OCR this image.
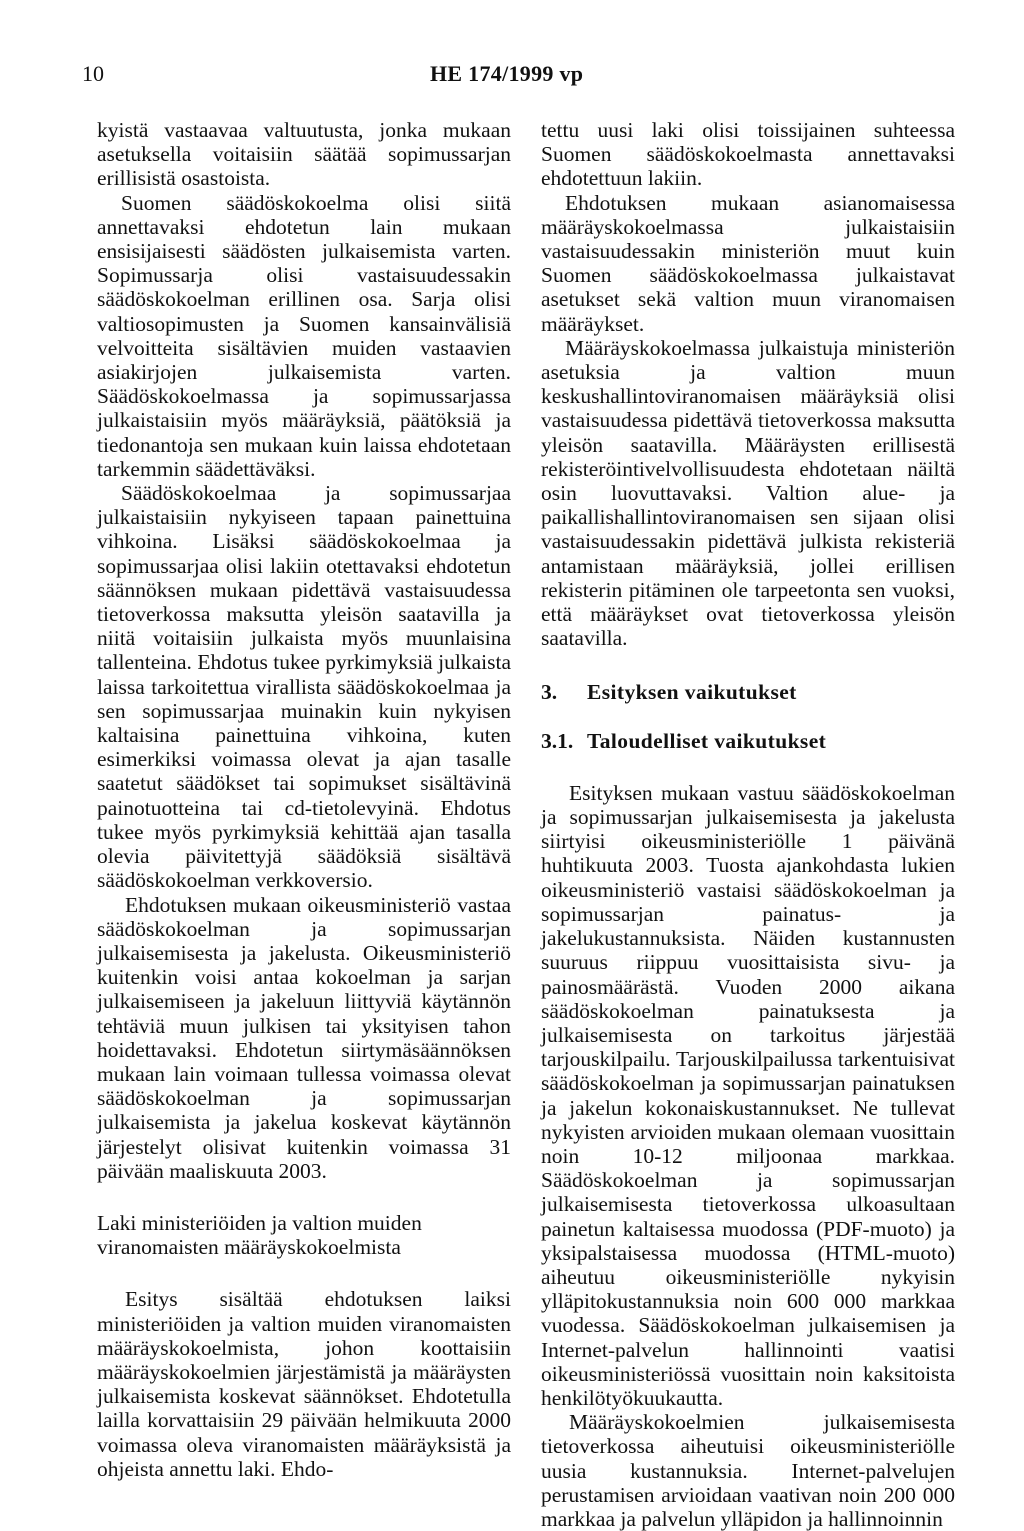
10	HE 174/1999 vp

kyistä vastaavaa valtuutusta, jonka mukaan asetuksella voitaisiin säätää sopimussarjan erillisistä osastoista.

Suomen säädöskokoelma olisi siitä annettavaksi ehdotetun lain mukaan ensisijaisesti säädösten julkaisemista varten. Sopimussarja olisi vastaisuudessakin säädöskokoelman erillinen osa. Sarja olisi valtiosopimusten ja Suomen kansainvälisiä velvoitteita sisältävien muiden vastaavien asiakirjojen julkaisemista varten. Säädöskokoelmassa ja sopimussarjassa julkaistaisiin myös määräyksiä, päätöksiä ja tiedonantoja sen mukaan kuin laissa ehdotetaan tarkemmin säädettäväksi.

Säädöskokoelmaa ja sopimussarjaa julkaistaisiin nykyiseen tapaan painettuina vihkoina. Lisäksi säädöskokoelmaa ja sopimussarjaa olisi lakiin otettavaksi ehdotetun säännöksen mukaan pidettävä vastaisuudessa tietoverkossa maksutta yleisön saatavilla ja niitä voitaisiin julkaista myös muunlaisina tallenteina. Ehdotus tukee pyrkimyksiä julkaista laissa tarkoitettua virallista säädöskokoelmaa ja sen sopimussarjaa muinakin kuin nykyisen kaltaisina painettuina vihkoina, kuten esimerkiksi voimassa olevat ja ajan tasalle saatetut säädökset tai sopimukset sisältävinä painotuotteina tai cd-tietolevyinä. Ehdotus tukee myös pyrkimyksiä kehittää ajan tasalla olevia päivitettyjä säädöksiä sisältävä säädöskokoelman verkkoversio.

Ehdotuksen mukaan oikeusministeriö vastaa säädöskokoelman ja sopimussarjan julkaisemisesta ja jakelusta. Oikeusministeriö kuitenkin voisi antaa kokoelman ja sarjan julkaisemiseen ja jakeluun liittyviä käytännön tehtäviä muun julkisen tai yksityisen tahon hoidettavaksi. Ehdotetun siirtymäsäännöksen mukaan lain voimaan tullessa voimassa olevat säädöskokoelman ja sopimussarjan julkaisemista ja jakelua koskevat käytännön järjestelyt olisivat kuitenkin voimassa 31 päivään maaliskuuta 2003.

Laki ministeriöiden ja valtion muiden viranomaisten määräyskokoelmista

Esitys sisältää ehdotuksen laiksi ministeriöiden ja valtion muiden viranomaisten määräyskokoelmista, johon koottaisiin määräyskokoelmien järjestämistä ja määräysten julkaisemista koskevat säännökset. Ehdotetulla laillа korvattaisiin 29 päivään helmikuuta 2000 voimassa oleva viranomaisten määräyksistä ja ohjeista annettu laki. Ehdo-

tettu uusi laki olisi toissijainen suhteessa Suomen säädöskokoelmasta annettavaksi ehdotettuun lakiin.

Ehdotuksen mukaan asianomaisessa määräyskokoelmassa julkaistaisiin vastaisuudessakin ministeriön muut kuin Suomen säädöskokoelmassa julkaistavat asetukset sekä valtion muun viranomaisen määräykset.

Määräyskokoelmassa julkaistuja ministeriön asetuksia ja valtion muun keskushallintoviranomaisen määräyksiä olisi vastaisuudessa pidettävä tietoverkossa maksutta yleisön saatavilla. Määräysten erillisestä rekisteröintivelvollisuudesta ehdotetaan näiltä osin luovuttavaksi. Valtion alue- ja paikallishallintoviranomaisen sen sijaan olisi vastaisuudessakin pidettävä julkista rekisteriä antamistaan määräyksiä, jollei erillisen rekisterin pitäminen ole tarpeetonta sen vuoksi, että määräykset ovat tietoverkossa yleisön saatavilla.

3.	Esityksen vaikutukset
3.1. Taloudelliset vaikutukset

Esityksen mukaan vastuu säädöskokoelman ja sopimussarjan julkaisemisesta ja jakelusta siirtyisi oikeusministeriölle 1 päivänä huhtikuuta 2003. Tuosta ajankohdasta lukien oikeusministeriö vastaisi säädöskokoelman ja sopimussarjan painatus- ja jakelukustannuksista. Näiden kustannusten suuruus riippuu vuosittaisista sivu- ja painosmäärästä. Vuoden 2000 aikana säädöskokoelman painatuksesta ja julkaisemisesta on tarkoitus järjestää tarjouskilpailu. Tarjouskilpailussa tarkentuisivat säädöskokoelman ja sopimussarjan painatuksen ja jakelun kokonaiskustannukset. Ne tullevat nykyisten arvioiden mukaan olemaan vuosittain noin 10-12 miljoonaa markkaa. Säädöskokoelman ja sopimussarjan julkaisemisesta tietoverkossa ulkoasultaan painetun kaltaisessa muodossa (PDF-muoto) ja yksipalstaisessa muodossa (HTML-muoto) aiheutuu oikeusministeriölle nykyisin ylläpitokustannuksia noin 600 000 markkaa vuodessa. Säädöskokoelman julkaisemisen ja Internet-palvelun hallinnointi vaatisi oikeusministeriössä vuosittain noin kaksitoista henkilötyökuukautta.

Määräyskokoelmien julkaisemisesta tietoverkossa aiheutuisi oikeusministeriölle uusia kustannuksia. Internet-palvelujen perustamisen arvioidaan vaativan noin 200 000 markkaa ja palvelun ylläpidon ja hallinnoinnin
